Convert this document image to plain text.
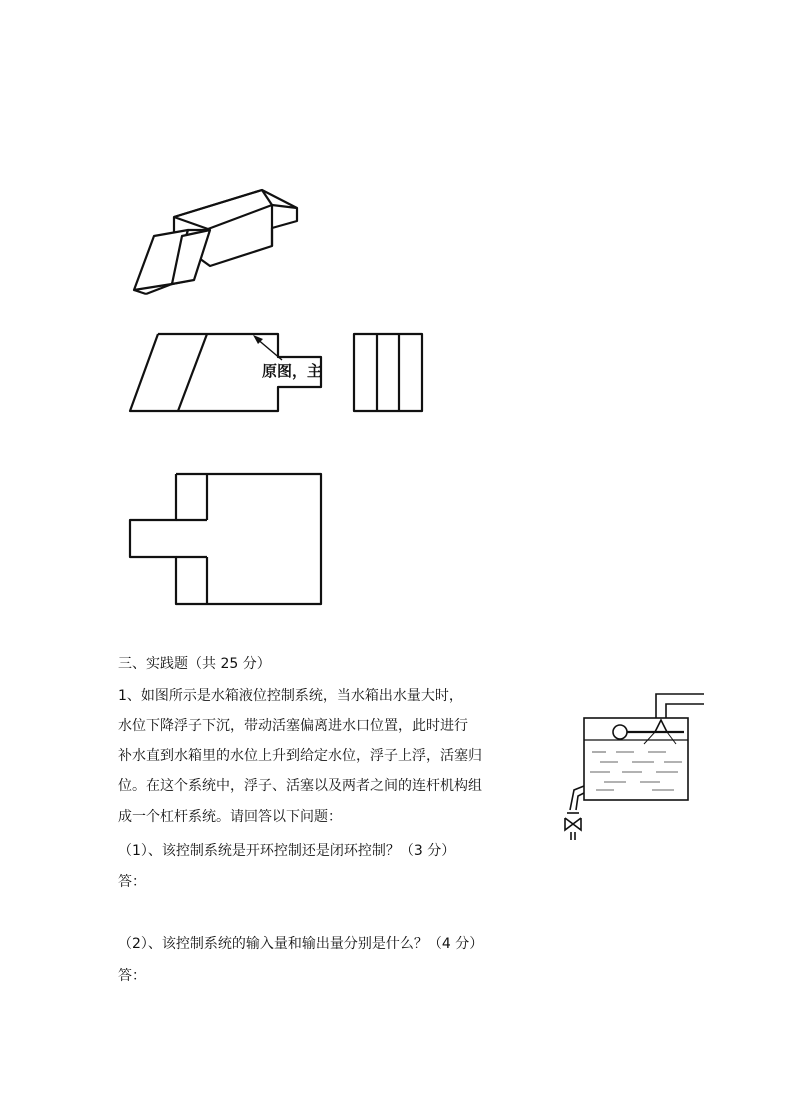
原图，主
三、实践题（共 25 分）
1、如图所示是水箱液位控制系统，当水箱出水量大时，
水位下降浮子下沉，带动活塞偏离进水口位置，此时进行
补水直到水箱里的水位上升到给定水位，浮子上浮，活塞归
位。在这个系统中，浮子、活塞以及两者之间的连杆机构组
成一个杠杆系统。请回答以下问题：
（1）、该控制系统是开环控制还是闭环控制？（3 分）
答：
（2）、该控制系统的输入量和输出量分别是什么？（4 分）
答：
